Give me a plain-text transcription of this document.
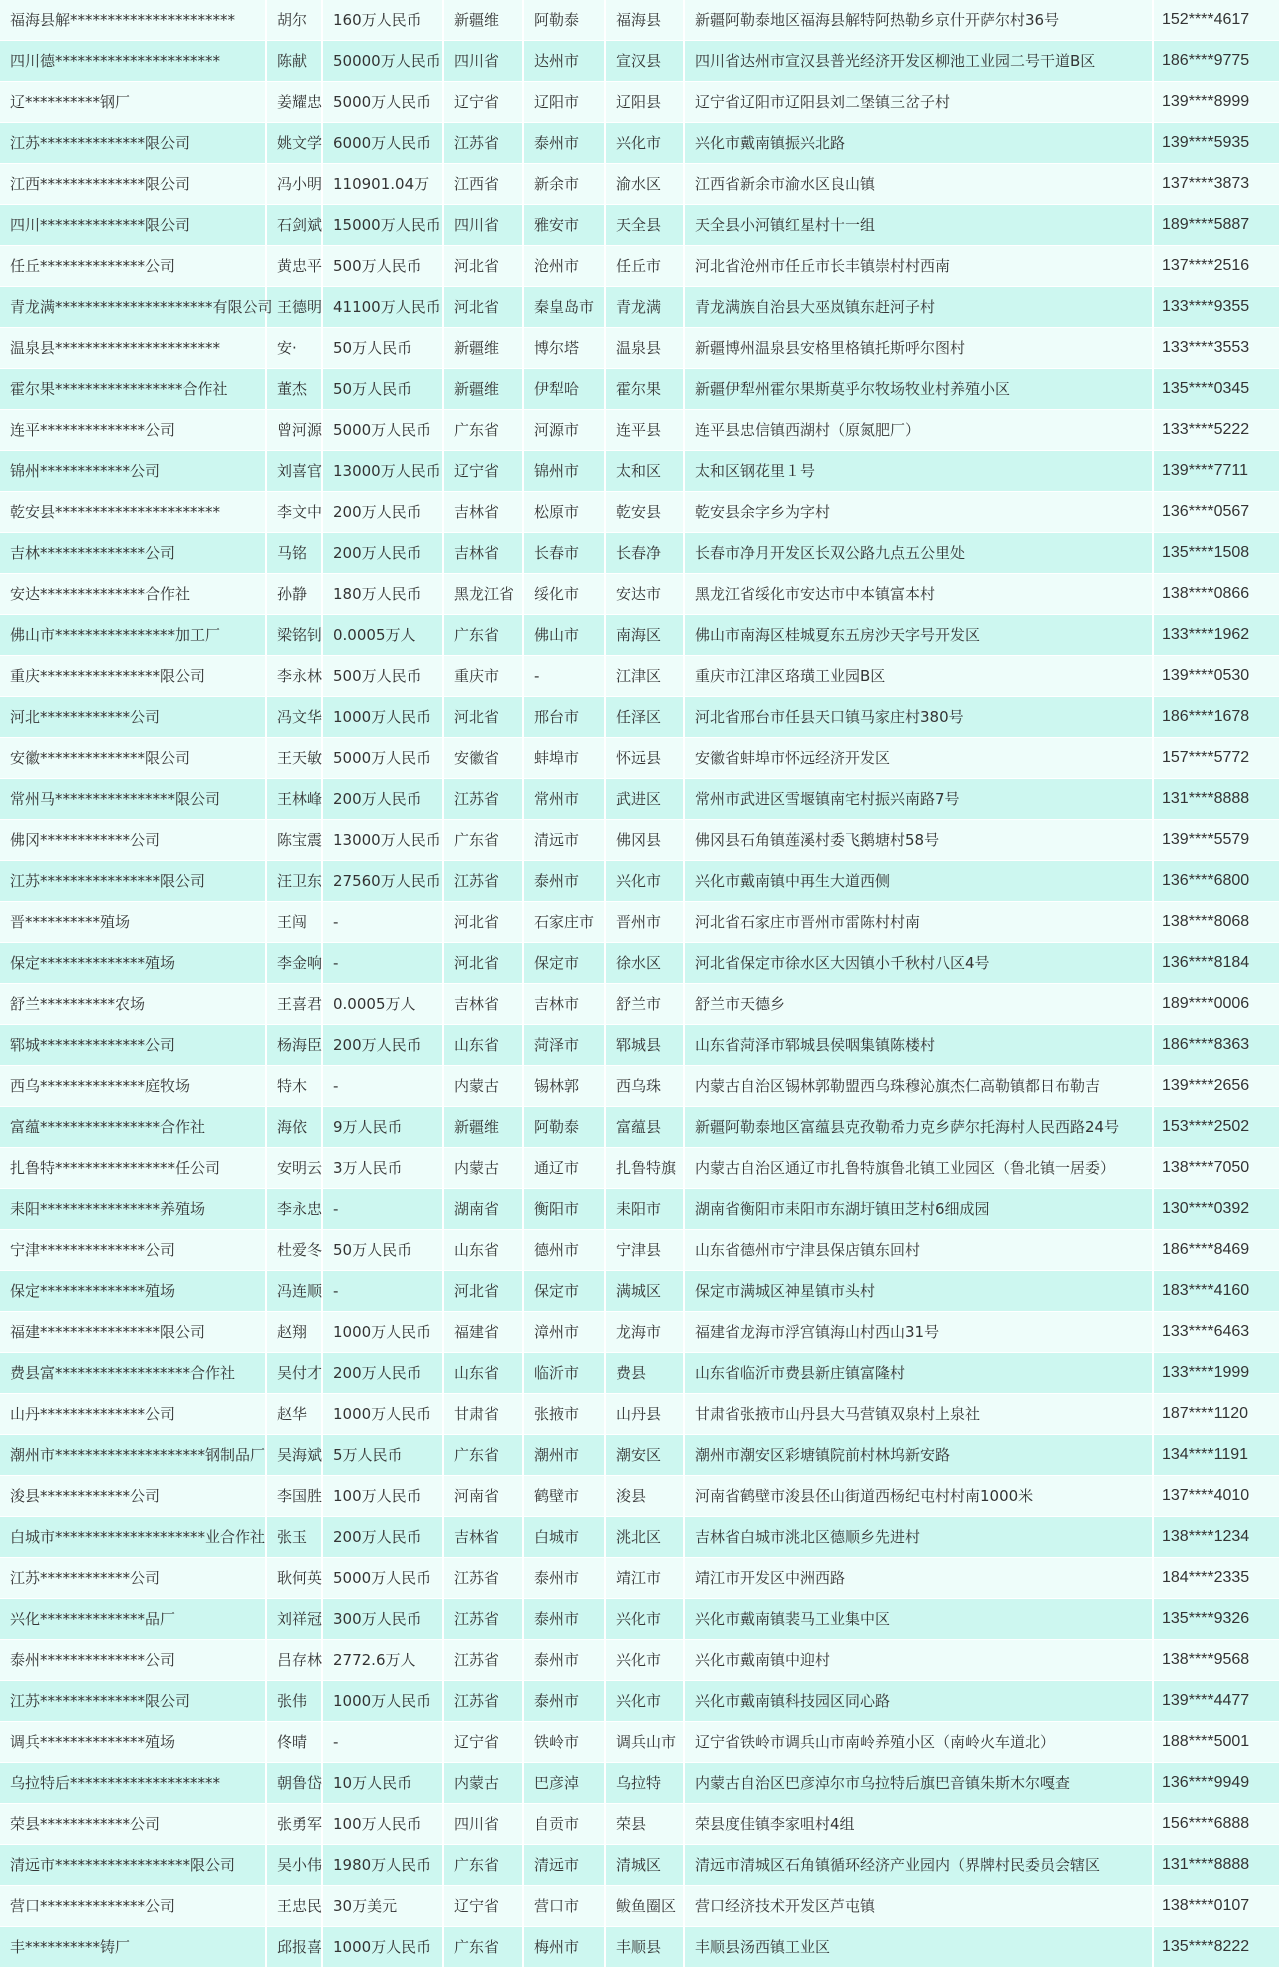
福海县解**********************	胡尔	160万人民币	新疆维	阿勒泰	福海县	新疆阿勒泰地区福海县解特阿热勒乡京什开萨尔村36号	152****4617
四川德**********************	陈献	50000万人民币	四川省	达州市	宣汉县	四川省达州市宣汉县普光经济开发区柳池工业园二号干道B区	186****9775
辽**********钢厂	姜耀忠	5000万人民币	辽宁省	辽阳市	辽阳县	辽宁省辽阳市辽阳县刘二堡镇三岔子村	139****8999
江苏**************限公司	姚文学	6000万人民币	江苏省	泰州市	兴化市	兴化市戴南镇振兴北路	139****5935
江西**************限公司	冯小明	110901.04万	江西省	新余市	渝水区	江西省新余市渝水区良山镇	137****3873
四川**************限公司	石剑斌	15000万人民币	四川省	雅安市	天全县	天全县小河镇红星村十一组	189****5887
任丘**************公司	黄忠平	500万人民币	河北省	沧州市	任丘市	河北省沧州市任丘市长丰镇崇村村西南	137****2516
青龙满*********************有限公司	王德明	41100万人民币	河北省	秦皇岛市	青龙满	青龙满族自治县大巫岚镇东赶河子村	133****9355
温泉县**********************	安·	50万人民币	新疆维	博尔塔	温泉县	新疆博州温泉县安格里格镇托斯呼尔图村	133****3553
霍尔果*****************合作社	董杰	50万人民币	新疆维	伊犁哈	霍尔果	新疆伊犁州霍尔果斯莫乎尔牧场牧业村养殖小区	135****0345
连平**************公司	曾河源	5000万人民币	广东省	河源市	连平县	连平县忠信镇西湖村（原氮肥厂）	133****5222
锦州************公司	刘喜官	13000万人民币	辽宁省	锦州市	太和区	太和区钢花里１号	139****7711
乾安县**********************	李文中	200万人民币	吉林省	松原市	乾安县	乾安县余字乡为字村	136****0567
吉林**************公司	马铭	200万人民币	吉林省	长春市	长春净	长春市净月开发区长双公路九点五公里处	135****1508
安达**************合作社	孙静	180万人民币	黑龙江省	绥化市	安达市	黑龙江省绥化市安达市中本镇富本村	138****0866
佛山市****************加工厂	梁铭钊	0.0005万人	广东省	佛山市	南海区	佛山市南海区桂城夏东五房沙天字号开发区	133****1962
重庆****************限公司	李永林	500万人民币	重庆市	-	江津区	重庆市江津区珞璜工业园B区	139****0530
河北************公司	冯文华	1000万人民币	河北省	邢台市	任泽区	河北省邢台市任县天口镇马家庄村380号	186****1678
安徽**************限公司	王天敏	5000万人民币	安徽省	蚌埠市	怀远县	安徽省蚌埠市怀远经济开发区	157****5772
常州马****************限公司	王林峰	200万人民币	江苏省	常州市	武进区	常州市武进区雪堰镇南宅村振兴南路7号	131****8888
佛冈************公司	陈宝震	13000万人民币	广东省	清远市	佛冈县	佛冈县石角镇莲溪村委飞鹅塘村58号	139****5579
江苏****************限公司	汪卫东	27560万人民币	江苏省	泰州市	兴化市	兴化市戴南镇中再生大道西侧	136****6800
晋**********殖场	王闯	-	河北省	石家庄市	晋州市	河北省石家庄市晋州市雷陈村村南	138****8068
保定**************殖场	李金响	-	河北省	保定市	徐水区	河北省保定市徐水区大因镇小千秋村八区4号	136****8184
舒兰**********农场	王喜君	0.0005万人	吉林省	吉林市	舒兰市	舒兰市天德乡	189****0006
郓城**************公司	杨海臣	200万人民币	山东省	菏泽市	郓城县	山东省菏泽市郓城县侯咽集镇陈楼村	186****8363
西乌**************庭牧场	特木	-	内蒙古	锡林郭	西乌珠	内蒙古自治区锡林郭勒盟西乌珠穆沁旗杰仁高勒镇都日布勒吉	139****2656
富蕴****************合作社	海依	9万人民币	新疆维	阿勒泰	富蕴县	新疆阿勒泰地区富蕴县克孜勒希力克乡萨尔托海村人民西路24号	153****2502
扎鲁特****************任公司	安明云	3万人民币	内蒙古	通辽市	扎鲁特旗	内蒙古自治区通辽市扎鲁特旗鲁北镇工业园区（鲁北镇一居委）	138****7050
耒阳****************养殖场	李永忠	-	湖南省	衡阳市	耒阳市	湖南省衡阳市耒阳市东湖圩镇田芝村6细成园	130****0392
宁津**************公司	杜爱冬	50万人民币	山东省	德州市	宁津县	山东省德州市宁津县保店镇东回村	186****8469
保定**************殖场	冯连顺	-	河北省	保定市	满城区	保定市满城区神星镇市头村	183****4160
福建****************限公司	赵翔	1000万人民币	福建省	漳州市	龙海市	福建省龙海市浮宫镇海山村西山31号	133****6463
费县富******************合作社	吴付才	200万人民币	山东省	临沂市	费县	山东省临沂市费县新庄镇富隆村	133****1999
山丹**************公司	赵华	1000万人民币	甘肃省	张掖市	山丹县	甘肃省张掖市山丹县大马营镇双泉村上泉社	187****1120
潮州市********************钢制品厂	吴海斌	5万人民币	广东省	潮州市	潮安区	潮州市潮安区彩塘镇院前村林坞新安路	134****1191
浚县************公司	李国胜	100万人民币	河南省	鹤壁市	浚县	河南省鹤壁市浚县伾山街道西杨纪屯村村南1000米	137****4010
白城市********************业合作社	张玉	200万人民币	吉林省	白城市	洮北区	吉林省白城市洮北区德顺乡先进村	138****1234
江苏************公司	耿何英	5000万人民币	江苏省	泰州市	靖江市	靖江市开发区中洲西路	184****2335
兴化**************品厂	刘祥冠	300万人民币	江苏省	泰州市	兴化市	兴化市戴南镇裴马工业集中区	135****9326
泰州**************公司	吕存林	2772.6万人	江苏省	泰州市	兴化市	兴化市戴南镇中迎村	138****9568
江苏**************限公司	张伟	1000万人民币	江苏省	泰州市	兴化市	兴化市戴南镇科技园区同心路	139****4477
调兵**************殖场	佟晴	-	辽宁省	铁岭市	调兵山市	辽宁省铁岭市调兵山市南岭养殖小区（南岭火车道北）	188****5001
乌拉特后********************	朝鲁岱	10万人民币	内蒙古	巴彦淖	乌拉特	内蒙古自治区巴彦淖尔市乌拉特后旗巴音镇朱斯木尔嘎查	136****9949
荣县************公司	张勇军	100万人民币	四川省	自贡市	荣县	荣县度佳镇李家咀村4组	156****6888
清远市******************限公司	吴小伟	1980万人民币	广东省	清远市	清城区	清远市清城区石角镇循环经济产业园内（界牌村民委员会辖区	131****8888
营口**************公司	王忠民	30万美元	辽宁省	营口市	鲅鱼圈区	营口经济技术开发区芦屯镇	138****0107
丰**********铸厂	邱报喜	1000万人民币	广东省	梅州市	丰顺县	丰顺县汤西镇工业区	135****8222
